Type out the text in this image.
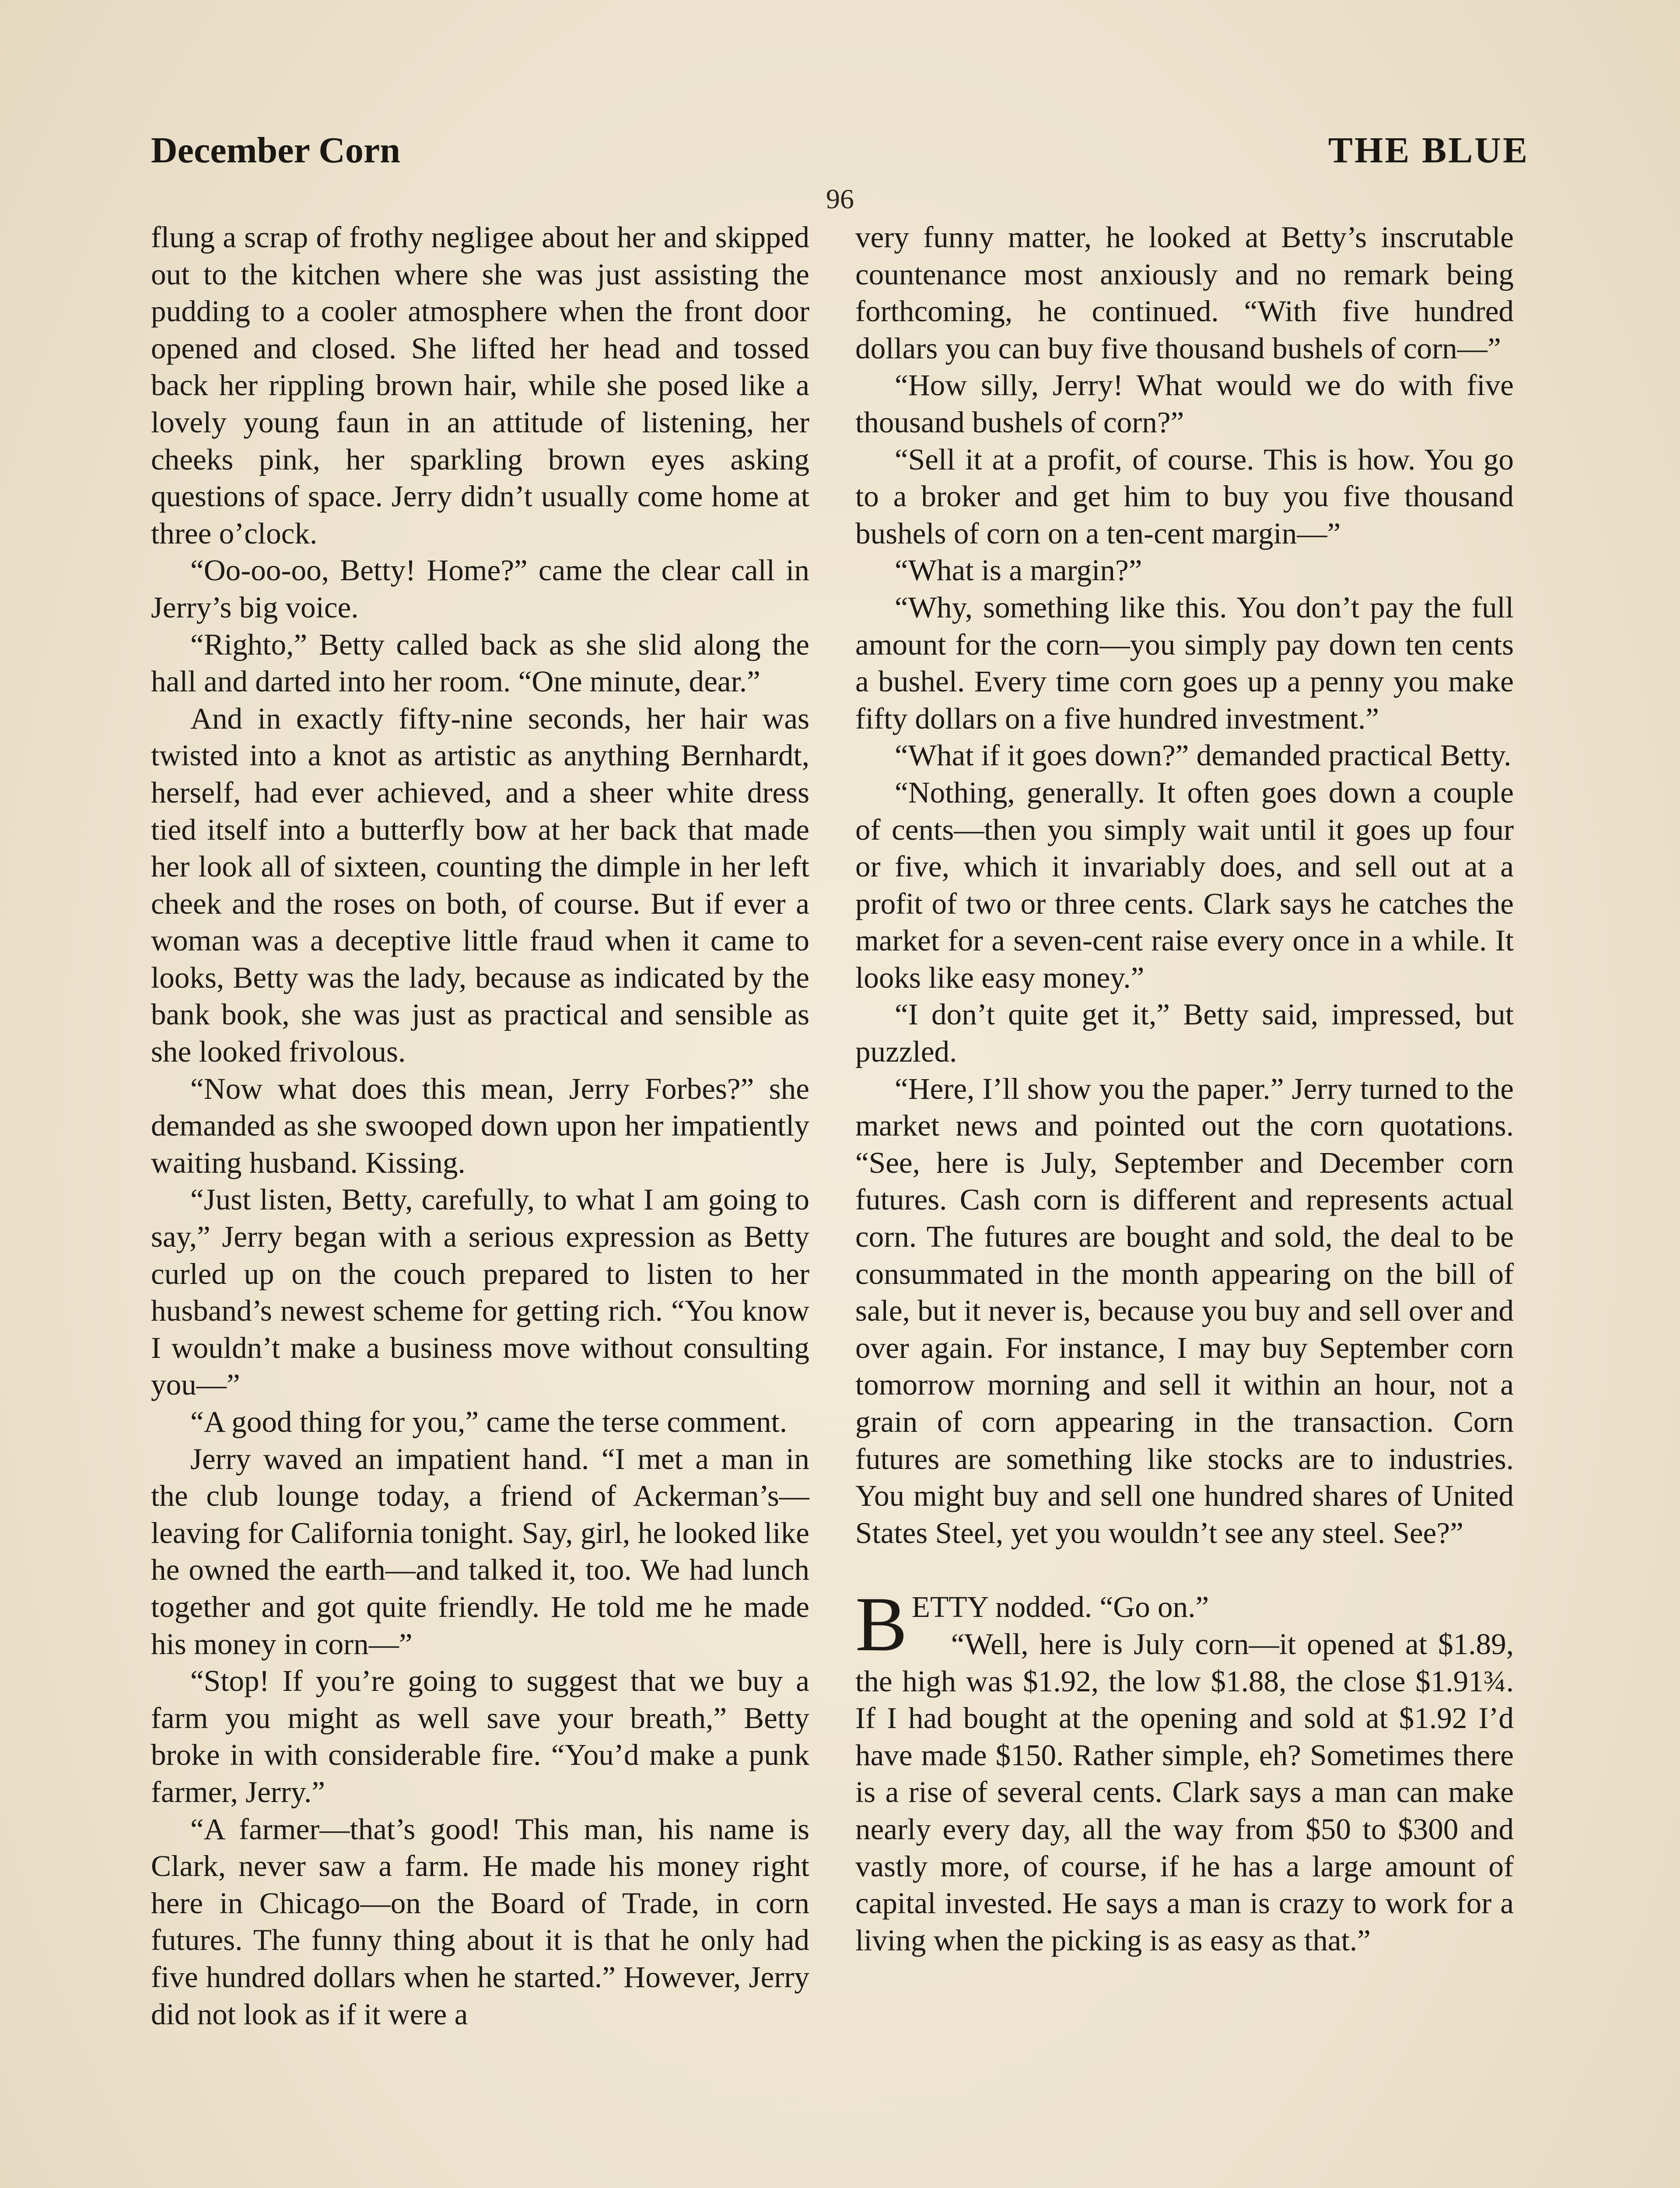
December Corn	THE BLUE
96

flung a scrap of frothy negligee about her and skipped out to the kitchen where she was just assisting the pudding to a cooler atmosphere when the front door opened and closed. She lifted her head and tossed back her rippling brown hair, while she posed like a lovely young faun in an attitude of listening, her cheeks pink, her sparkling brown eyes asking questions of space. Jerry didn’t usually come home at three o’clock.

“Oo-oo-oo, Betty! Home?” came the clear call in Jerry’s big voice.

“Righto,” Betty called back as she slid along the hall and darted into her room. “One minute, dear.”

And in exactly fifty-nine seconds, her hair was twisted into a knot as artistic as anything Bernhardt, herself, had ever achieved, and a sheer white dress tied itself into a butterfly bow at her back that made her look all of sixteen, counting the dimple in her left cheek and the roses on both, of course. But if ever a woman was a deceptive little fraud when it came to looks, Betty was the lady, because as indicated by the bank book, she was just as practical and sensible as she looked frivolous.

“Now what does this mean, Jerry Forbes?” she demanded as she swooped down upon her impatiently waiting husband. Kissing.

“Just listen, Betty, carefully, to what I am going to say,” Jerry began with a serious expression as Betty curled up on the couch prepared to listen to her husband’s newest scheme for getting rich. “You know I wouldn’t make a business move without consulting you—”

“A good thing for you,” came the terse comment.

Jerry waved an impatient hand. “I met a man in the club lounge today, a friend of Ackerman’s—leaving for California tonight. Say, girl, he looked like he owned the earth—and talked it, too. We had lunch together and got quite friendly. He told me he made his money in corn—”

“Stop! If you’re going to suggest that we buy a farm you might as well save your breath,” Betty broke in with considerable fire. “You’d make a punk farmer, Jerry.”

“A farmer—that’s good! This man, his name is Clark, never saw a farm. He made his money right here in Chicago—on the Board of Trade, in corn futures. The funny thing about it is that he only had five hundred dollars when he started.” However, Jerry did not look as if it were a

very funny matter, he looked at Betty’s inscrutable countenance most anxiously and no remark being forthcoming, he continued. “With five hundred dollars you can buy five thousand bushels of corn—”

“How silly, Jerry! What would we do with five thousand bushels of corn?”

“Sell it at a profit, of course. This is how. You go to a broker and get him to buy you five thousand bushels of corn on a ten-cent margin—”

“What is a margin?”

“Why, something like this. You don’t pay the full amount for the corn—you simply pay down ten cents a bushel. Every time corn goes up a penny you make fifty dollars on a five hundred investment.”

“What if it goes down?” demanded practical Betty.

“Nothing, generally. It often goes down a couple of cents—then you simply wait until it goes up four or five, which it invariably does, and sell out at a profit of two or three cents. Clark says he catches the market for a seven-cent raise every once in a while. It looks like easy money.”

“I don’t quite get it,” Betty said, impressed, but puzzled.

“Here, I’ll show you the paper.” Jerry turned to the market news and pointed out the corn quotations. “See, here is July, September and December corn futures. Cash corn is different and represents actual corn. The futures are bought and sold, the deal to be consummated in the month appearing on the bill of sale, but it never is, because you buy and sell over and over again. For instance, I may buy September corn tomorrow morning and sell it within an hour, not a grain of corn appearing in the transaction. Corn futures are something like stocks are to industries. You might buy and sell one hundred shares of United States Steel, yet you wouldn’t see any steel. See?”

BETTY nodded. “Go on.”

“Well, here is July corn—it opened at $1.89, the high was $1.92, the low $1.88, the close $1.91¾. If I had bought at the opening and sold at $1.92 I’d have made $150. Rather simple, eh? Sometimes there is a rise of several cents. Clark says a man can make nearly every day, all the way from $50 to $300 and vastly more, of course, if he has a large amount of capital invested. He says a man is crazy to work for a living when the picking is as easy as that.”
